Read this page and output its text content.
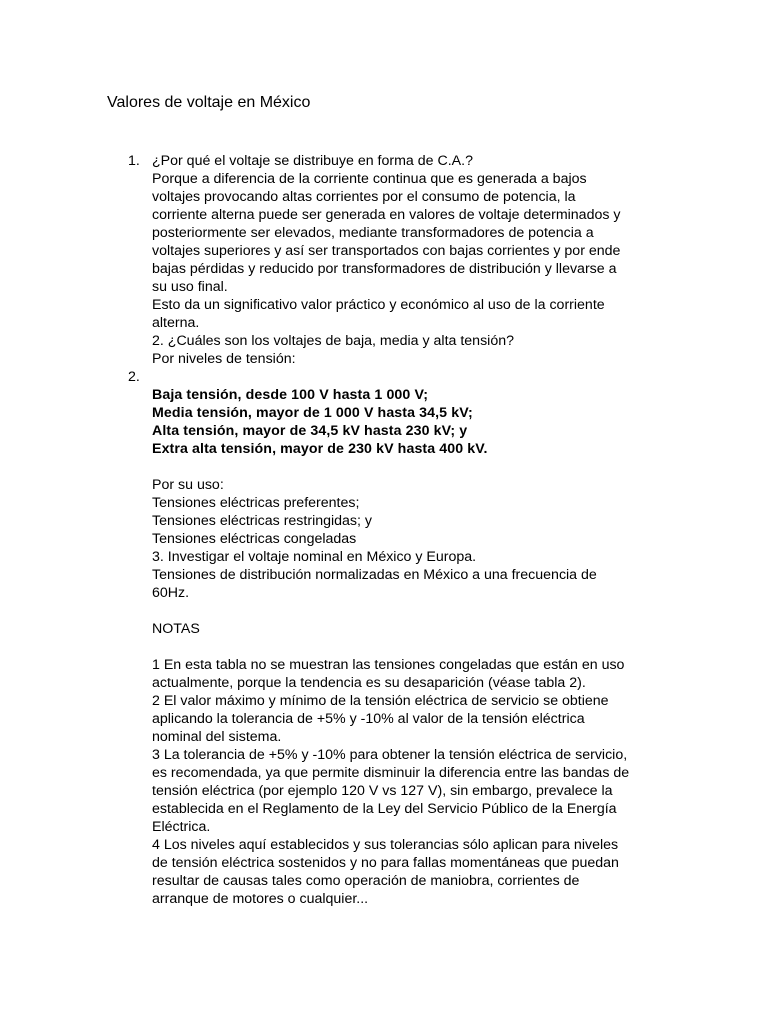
Valores de voltaje en México
1. ¿Por qué el voltaje se distribuye en forma de C.A.?
Porque a diferencia de la corriente continua que es generada a bajos
voltajes provocando altas corrientes por el consumo de potencia, la
corriente alterna puede ser generada en valores de voltaje determinados y
posteriormente ser elevados, mediante transformadores de potencia a
voltajes superiores y así ser transportados con bajas corrientes y por ende
bajas pérdidas y reducido por transformadores de distribución y llevarse a
su uso final.
Esto da un significativo valor práctico y económico al uso de la corriente
alterna.
2. ¿Cuáles son los voltajes de baja, media y alta tensión?
Por niveles de tensión:
2.
Baja tensión, desde 100 V hasta 1 000 V;
Media tensión, mayor de 1 000 V hasta 34,5 kV;
Alta tensión, mayor de 34,5 kV hasta 230 kV; y
Extra alta tensión, mayor de 230 kV hasta 400 kV.
Por su uso:
Tensiones eléctricas preferentes;
Tensiones eléctricas restringidas; y
Tensiones eléctricas congeladas
3. Investigar el voltaje nominal en México y Europa.
Tensiones de distribución normalizadas en México a una frecuencia de
60Hz.
NOTAS
1 En esta tabla no se muestran las tensiones congeladas que están en uso
actualmente, porque la tendencia es su desaparición (véase tabla 2).
2 El valor máximo y mínimo de la tensión eléctrica de servicio se obtiene
aplicando la tolerancia de +5% y -10% al valor de la tensión eléctrica
nominal del sistema.
3 La tolerancia de +5% y -10% para obtener la tensión eléctrica de servicio,
es recomendada, ya que permite disminuir la diferencia entre las bandas de
tensión eléctrica (por ejemplo 120 V vs 127 V), sin embargo, prevalece la
establecida en el Reglamento de la Ley del Servicio Público de la Energía
Eléctrica.
4 Los niveles aquí establecidos y sus tolerancias sólo aplican para niveles
de tensión eléctrica sostenidos y no para fallas momentáneas que puedan
resultar de causas tales como operación de maniobra, corrientes de
arranque de motores o cualquier...
